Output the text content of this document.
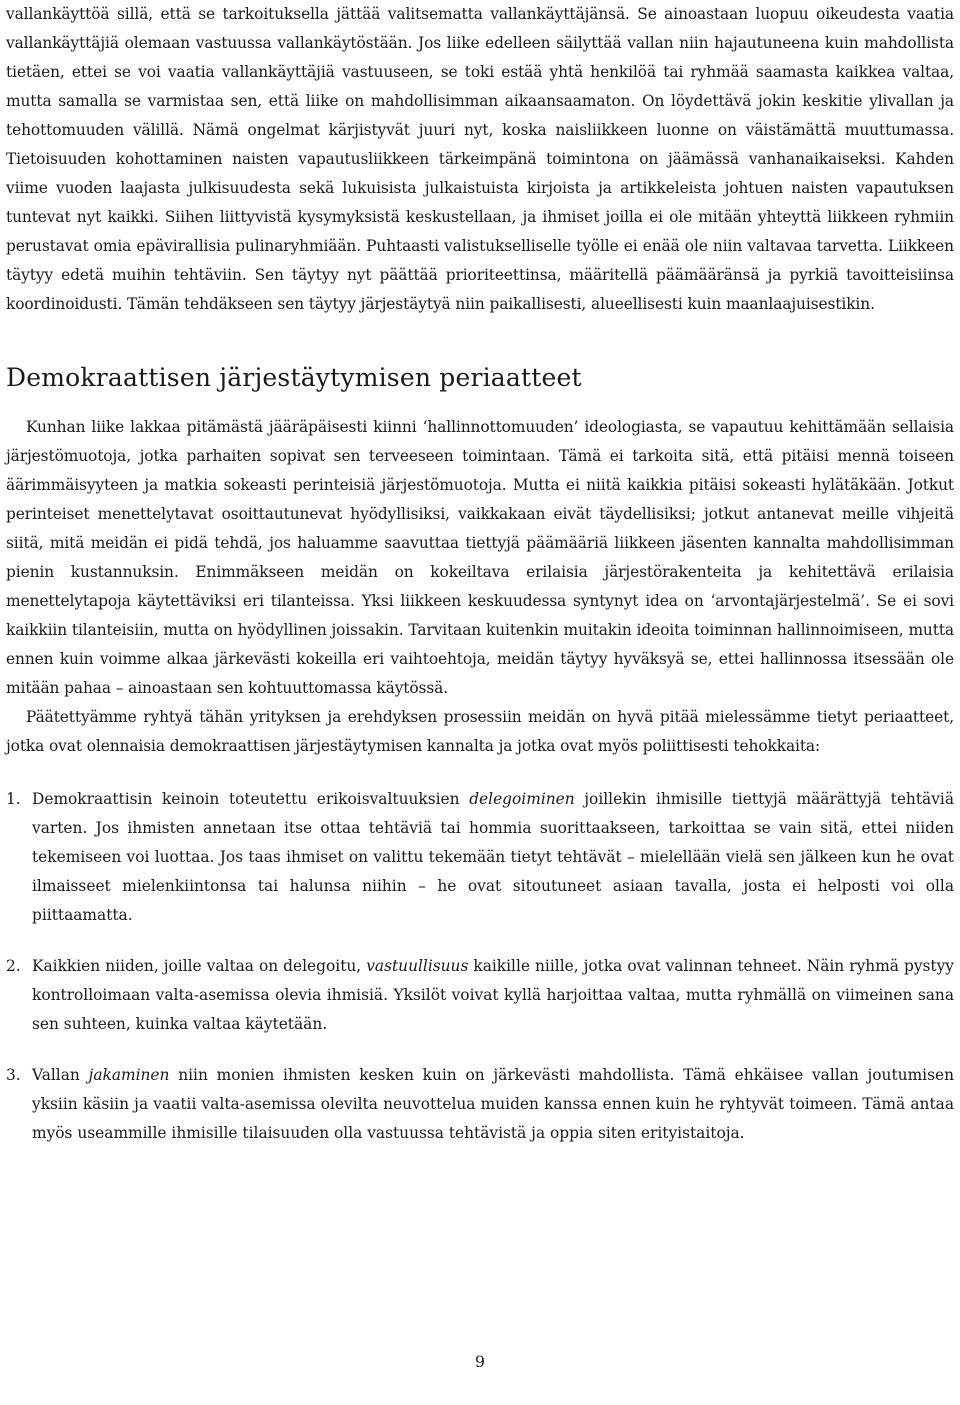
vallankäyttöä sillä, että se tarkoituksella jättää valitsematta vallankäyttäjänsä. Se ainoastaan luopuu oikeudesta vaatia vallankäyttäjiä olemaan vastuussa vallankäytöstään. Jos liike edelleen säilyttää vallan niin hajautuneena kuin mahdollista tietäen, ettei se voi vaatia vallankäyttäjiä vastuuseen, se toki estää yhtä henkilöä tai ryhmää saamasta kaikkea valtaa, mutta samalla se varmistaa sen, että liike on mahdollisimman aikaansaamaton. On löydettävä jokin keskitie ylivallan ja tehottomuuden välillä. Nämä ongelmat kärjistyvät juuri nyt, koska naisliikkeen luonne on väistämättä muuttumassa. Tietoisuuden kohottaminen naisten vapautusliikkeen tärkeimpänä toimintona on jäämässä vanhanaikaiseksi. Kahden viime vuoden laajasta julkisuudesta sekä lukuisista julkaistuista kirjoista ja artikkeleista johtuen naisten vapautuksen tuntevat nyt kaikki. Siihen liittyvistä kysymyksistä keskustellaan, ja ihmiset joilla ei ole mitään yhteyttä liikkeen ryhmiin perustavat omia epävirallisia pulinaryhmiään. Puhtaasti valistukselliselle työlle ei enää ole niin valtavaa tarvetta. Liikkeen täytyy edetä muihin tehtäviin. Sen täytyy nyt päättää prioriteettinsa, määritellä päämääränsä ja pyrkiä tavoitteisiinsa koordinoidusti. Tämän tehdäkseen sen täytyy järjestäytyä niin paikallisesti, alueellisesti kuin maanlaajuisestikin.

Demokraattisen järjestäytymisen periaatteet

Kunhan liike lakkaa pitämästä jääräpäisesti kiinni ‘hallinnottomuuden’ ideologiasta, se vapautuu kehittämään sellaisia järjestömuotoja, jotka parhaiten sopivat sen terveeseen toimintaan. Tämä ei tarkoita sitä, että pitäisi mennä toiseen äärimmäisyyteen ja matkia sokeasti perinteisiä järjestömuotoja. Mutta ei niitä kaikkia pitäisi sokeasti hylätäkään. Jotkut perinteiset menettelytavat osoittautunevat hyödyllisiksi, vaikkakaan eivät täydellisiksi; jotkut antanevat meille vihjeitä siitä, mitä meidän ei pidä tehdä, jos haluamme saavuttaa tiettyjä päämääriä liikkeen jäsenten kannalta mahdollisimman pienin kustannuksin. Enimmäkseen meidän on kokeiltava erilaisia järjestörakenteita ja kehitettävä erilaisia menettelytapoja käytettäviksi eri tilanteissa. Yksi liikkeen keskuudessa syntynyt idea on ‘arvontajärjestelmä’. Se ei sovi kaikkiin tilanteisiin, mutta on hyödyllinen joissakin. Tarvitaan kuitenkin muitakin ideoita toiminnan hallinnoimiseen, mutta ennen kuin voimme alkaa järkevästi kokeilla eri vaihtoehtoja, meidän täytyy hyväksyä se, ettei hallinnossa itsessään ole mitään pahaa – ainoastaan sen kohtuuttomassa käytössä.

Päätettyämme ryhtyä tähän yrityksen ja erehdyksen prosessiin meidän on hyvä pitää mielessämme tietyt periaatteet, jotka ovat olennaisia demokraattisen järjestäytymisen kannalta ja jotka ovat myös poliittisesti tehokkaita:

1. Demokraattisin keinoin toteutettu erikoisvaltuuksien delegoiminen joillekin ihmisille tiettyjä määrättyjä tehtäviä varten. Jos ihmisten annetaan itse ottaa tehtäviä tai hommia suorittaakseen, tarkoittaa se vain sitä, ettei niiden tekemiseen voi luottaa. Jos taas ihmiset on valittu tekemään tietyt tehtävät – mielellään vielä sen jälkeen kun he ovat ilmaisseet mielenkiintonsa tai halunsa niihin – he ovat sitoutuneet asiaan tavalla, josta ei helposti voi olla piittaamatta.
2. Kaikkien niiden, joille valtaa on delegoitu, vastuullisuus kaikille niille, jotka ovat valinnan tehneet. Näin ryhmä pystyy kontrolloimaan valta-asemissa olevia ihmisiä. Yksilöt voivat kyllä harjoittaa valtaa, mutta ryhmällä on viimeinen sana sen suhteen, kuinka valtaa käytetään.
3. Vallan jakaminen niin monien ihmisten kesken kuin on järkevästi mahdollista. Tämä ehkäisee vallan joutumisen yksiin käsiin ja vaatii valta-asemissa olevilta neuvottelua muiden kanssa ennen kuin he ryhtyvät toimeen. Tämä antaa myös useammille ihmisille tilaisuuden olla vastuussa tehtävistä ja oppia siten erityistaitoja.
9
